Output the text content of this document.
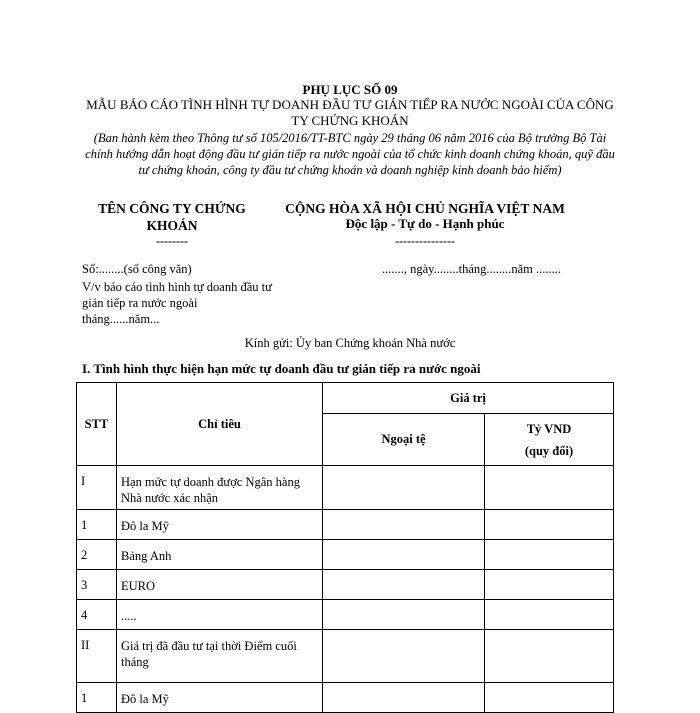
PHỤ LỤC SỐ 09
MẪU BÁO CÁO TÌNH HÌNH TỰ DOANH ĐẦU TƯ GIÁN TIẾP RA NƯỚC NGOÀI CỦA CÔNG TY CHỨNG KHOÁN
(Ban hành kèm theo Thông tư số 105/2016/TT-BTC ngày 29 tháng 06 năm 2016 của Bộ trưởng Bộ Tài chính hướng dẫn hoạt động đầu tư gián tiếp ra nước ngoài của tổ chức kinh doanh chứng khoán, quỹ đầu tư chứng khoán, công ty đầu tư chứng khoán và doanh nghiệp kinh doanh bảo hiểm)
TÊN CÔNG TY CHỨNG KHOÁN
--------
CỘNG HÒA XÃ HỘI CHỦ NGHĨA VIỆT NAM
Độc lập - Tự do - Hạnh phúc
---------------
Số:........(số công văn)
V/v báo cáo tình hình tự doanh đầu tư gián tiếp ra nước ngoài tháng......năm...
......., ngày........tháng........năm ........
Kính gửi: Ủy ban Chứng khoán Nhà nước
I. Tình hình thực hiện hạn mức tự doanh đầu tư gián tiếp ra nước ngoài
STT	Chỉ tiêu	Giá trị	
		Ngoại tệ	Tỷ VND
(quy đổi)

I	Hạn mức tự doanh được Ngân hàng Nhà nước xác nhận		
1	Đô la Mỹ		
2	Bảng Anh		
3	EURO		
4	.....		
II	Giá trị đã đầu tư tại thời Điểm cuối tháng		
1	Đô la Mỹ		
